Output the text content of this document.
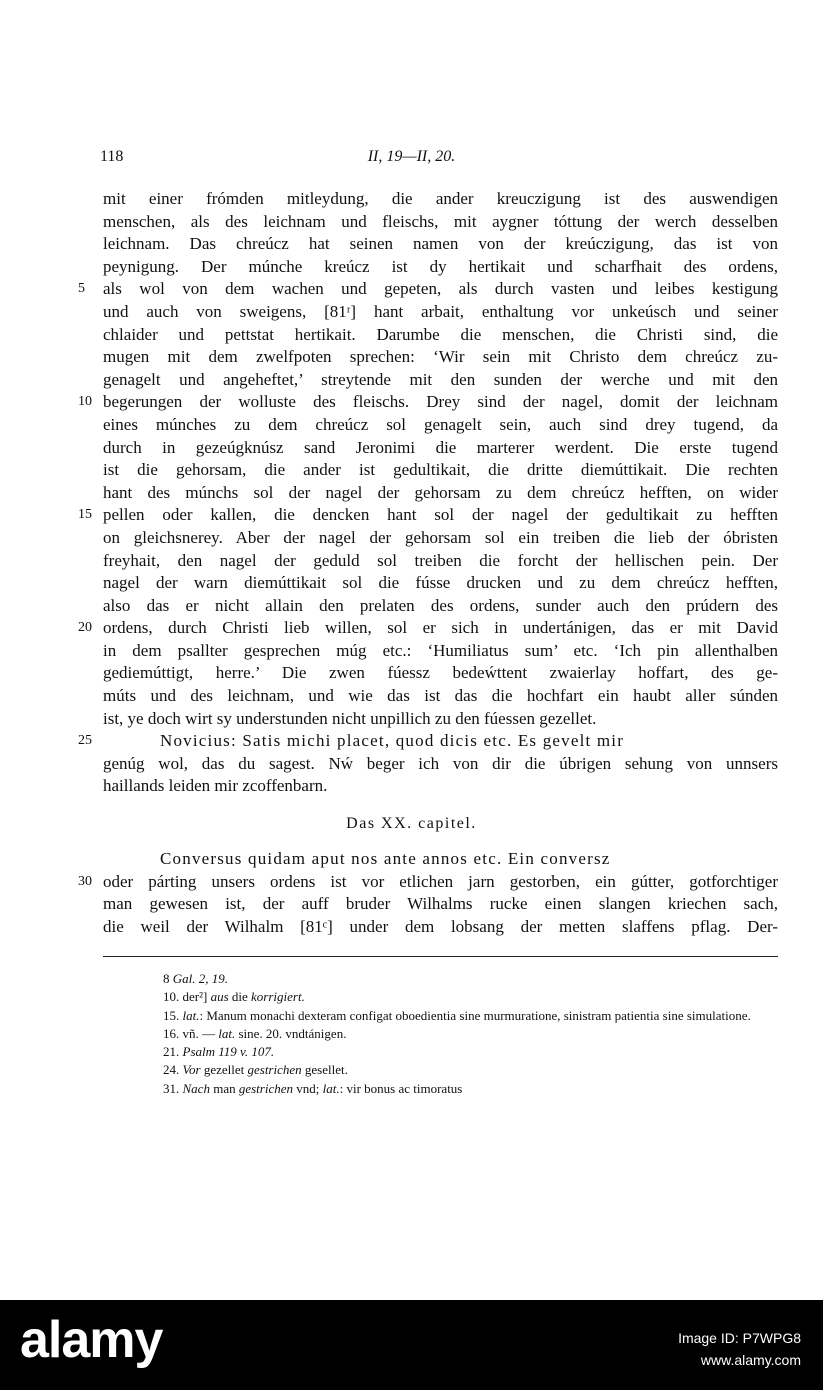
118	II, 19—II, 20.
mit einer frómden mitleydung, die ander kreuczigung ist des auswendigen
menschen, als des leichnam und fleischs, mit aygner tóttung der werch desselben
leichnam. Das chreúcz hat seinen namen von der kreúczigung, das ist von
peynigung. Der múnche kreúcz ist dy hertikait und scharfhait des ordens,
5 als wol von dem wachen und gepeten, als durch vasten und leibes kestigung
und auch von sweigens, [81ʳ] hant arbait, enthaltung vor unkeúsch und seiner
chlaider und pettstat hertikait. Darumbe die menschen, die Christi sind, die
mugen mit dem zwelfpoten sprechen: ‘Wir sein mit Christo dem chreúcz zu-
genagelt und angeheftet,’ streytende mit den sunden der werche und mit den
10 begerungen der wolluste des fleischs. Drey sind der nagel, domit der leichnam
eines múnches zu dem chreúcz sol genagelt sein, auch sind drey tugend, da
durch in gezeúgknúsz sand Jeronimi die marterer werdent. Die erste tugend
ist die gehorsam, die ander ist gedultikait, die dritte diemúttikait. Die rechten
hant des múnchs sol der nagel der gehorsam zu dem chreúcz hefften, on wider
15 pellen oder kallen, die dencken hant sol der nagel der gedultikait zu hefften
on gleichsnerey. Aber der nagel der gehorsam sol ein treiben die lieb der óbristen
freyhait, den nagel der geduld sol treiben die forcht der hellischen pein. Der
nagel der warn diemúttikait sol die fússe drucken und zu dem chreúcz hefften,
also das er nicht allain den prelaten des ordens, sunder auch den prúdern des
20 ordens, durch Christi lieb willen, sol er sich in undertánigen, das er mit David
in dem psallter gesprechen múg etc.: ‘Humiliatus sum’ etc. ‘Ich pin allenthalben
gediemúttigt, herre.’ Die zwen fúessz bedeẃttent zwaierlay hoffart, des ge-
múts und des leichnam, und wie das ist das die hochfart ein haubt aller súnden
ist, ye doch wirt sy understunden nicht unpillich zu den fúessen gezellet.
25	Novicius: Satis michi placet, quod dicis etc. Es gevelt mir
genúg wol, das du sagest. Nẃ beger ich von dir die úbrigen sehung von unnsers
haillands leiden mir zcoffenbarn.
Das XX. capitel.
Conversus quidam aput nos ante annos etc. Ein conversz
30 oder párting unsers ordens ist vor etlichen jarn gestorben, ein gútter, gotforchtiger
man gewesen ist, der auff bruder Wilhalms rucke einen slangen kriechen sach,
die weil der Wilhalm [81ᶜ] under dem lobsang der metten slaffens pflag. Der-
8 Gal. 2, 19.
10. der²] aus die korrigiert.
15. lat.: Manum monachi dexteram configat oboedientia sine murmuratione, sinistram patientia sine simulatione.
16. vñ. — lat. sine. 20. vndtánigen.
21. Psalm 119 v. 107.
24. Vor gezellet gestrichen gesellet.
31. Nach man gestrichen vnd; lat.: vir bonus ac timoratus
alamy	Image ID: P7WPG8
www.alamy.com
